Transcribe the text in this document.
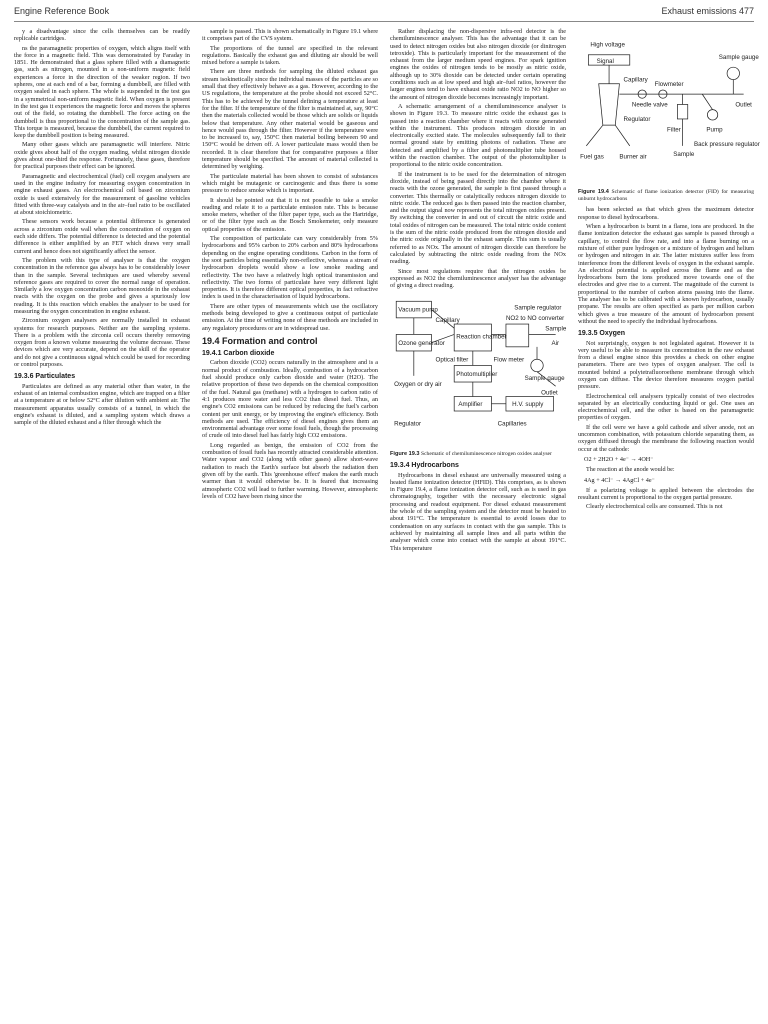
Engine Reference Book	Exhaust emissions 477

y a disadvantage since the cells themselves can be readily replicable cartridges.

ns the paramagnetic properties of oxygen, which aligns itself with the force in a magnetic field. This was demonstrated by Faraday in 1851. He demonstrated that a glass sphere filled with a diamagnetic gas, such as nitrogen, mounted in a non-uniform magnetic field experiences a force in the direction of the weaker region. If two spheres, one at each end of a bar, forming a dumbbell, are filled with oxygen sealed in each sphere. The whole is suspended in the test gas in a symmetrical non-uniform magnetic field. When oxygen is present in the test gas it experiences the magnetic force and moves the spheres out of the field, so rotating the dumbbell. The force acting on the dumbbell is thus proportional to the concentration of the sample gas. This torque is measured, because the dumbbell, the current required to keep the dumbbell position is being measured.

Many other gases which are paramagnetic will interfere. Nitric oxide gives about half of the oxygen reading, whilst nitrogen dioxide gives about one-third the response. Fortunately, these gases, therefore for practical purposes their effect can be ignored.

Paramagnetic and electrochemical (fuel) cell oxygen analysers are used in the engine industry for measuring oxygen concentration in engine exhaust gases. An electrochemical cell based on zirconium oxide is used extensively for the measurement of gasoline vehicles fitted with three-way catalysts and in the air–fuel ratio to be oscillated at about stoichiometric.

These sensors work because a potential difference is generated across a zirconium oxide wall when the concentration of oxygen on each side differs. The potential difference is detected and the potential difference is either amplified by an FET which draws very small current and hence does not significantly affect the sensor.

The problem with this type of analyser is that the oxygen concentration in the reference gas always has to be considerably lower than in the sample. Several techniques are used whereby several reference gases are required to cover the normal range of operation. Similarly a low oxygen concentration carbon monoxide in the exhaust reacts with the oxygen on the probe and gives a spuriously low reading. It is this reaction which enables the analyser to be used for measuring the oxygen concentration in engine exhaust.

Zirconium oxygen analysers are normally installed in exhaust systems for research purposes. Neither are the sampling systems. There is a problem with the zirconia cell occurs thereby removing oxygen from a known volume measuring the volume decrease. These devices which are very accurate, depend on the skill of the operator and do not give a continuous signal which could be used for recording or control purposes.

19.3.6 Particulates

Particulates are defined as any material other than water, in the exhaust of an internal combustion engine, which are trapped on a filter at a temperature at or below 52°C after dilution with ambient air. The measurement apparatus usually consists of a tunnel, in which the engine's exhaust is diluted, and a sampling system which draws a sample of the diluted exhaust and a filter through which the

sample is passed. This is shown schematically in Figure 19.1 where it comprises part of the CVS system.

The proportions of the tunnel are specified in the relevant regulations. Basically the exhaust gas and diluting air should be well mixed before a sample is taken.

There are three methods for sampling the diluted exhaust gas stream isokinetically since the individual masses of the particles are so small that they effectively behave as a gas. However, according to the US regulations, the temperature at the probe should not exceed 52°C. This has to be achieved by the tunnel defining a temperature at least for the filter. If the temperature of the filter is maintained at, say, 90°C then the materials collected would be those which are solids or liquids below that temperature. Any other material would be gaseous and hence would pass through the filter. However if the temperature were to be increased to, say, 150°C then material boiling between 90 and 150°C would be driven off. A lower particulate mass would then be recorded. It is clear therefore that for comparative purposes a filter temperature should be specified. The amount of material collected is determined by weighing.

The particulate material has been shown to consist of substances which might be mutagenic or carcinogenic and thus there is some pressure to reduce smoke which is important.

It should be pointed out that it is not possible to take a smoke reading and relate it to a particulate emission rate. This is because smoke meters, whether of the filter paper type, such as the Hartridge, or of the filter type such as the Bosch Smokemeter, only measure optical properties of the emission.

The composition of particulate can vary considerably from 5% hydrocarbons and 95% carbon to 20% carbon and 80% hydrocarbons depending on the engine operating conditions. Carbon in the form of the soot particles being essentially non-reflective, whereas a stream of hydrocarbon droplets would show a low smoke reading and reflectivity. The two have a relatively high optical transmission and reflectivity. The two forms of particulate have very different light properties. It is therefore different optical properties, in fact refractive index is used in the characterisation of liquid hydrocarbons.

There are other types of measurements which use the oscillatory methods being developed to give a continuous output of particulate emission. At the time of writing none of these methods are included in any regulatory procedures or are in widespread use.

19.4 Formation and control
19.4.1 Carbon dioxide

Carbon dioxide (CO2) occurs naturally in the atmosphere and is a normal product of combustion. Ideally, combustion of a hydrocarbon fuel should produce only carbon dioxide and water (H2O). The relative proportion of these two depends on the chemical composition of the fuel. Natural gas (methane) with a hydrogen to carbon ratio of 4:1 produces more water and less CO2 than diesel fuel. Thus, an engine's CO2 emissions can be reduced by reducing the fuel's carbon content per unit energy, or by improving the engine's efficiency. Both methods are used. The efficiency of diesel engines gives them an environmental advantage over some fossil fuels, though the processing of crude oil into diesel fuel has fairly high CO2 emissions.

Long regarded as benign, the emission of CO2 from the combustion of fossil fuels has recently attracted considerable attention. Water vapour and CO2 (along with other gases) allow short-wave radiation to reach the Earth's surface but absorb the radiation then given off by the earth. This 'greenhouse effect' makes the earth much warmer than it would otherwise be. It is feared that increasing atmospheric CO2 will lead to further warming. However, atmospheric levels of CO2 have been rising since the

Rather displacing the non-dispersive infra-red detector is the chemiluminescence analyser. This has the advantage that it can be used to detect nitrogen oxides but also nitrogen dioxide (or dinitrogen tetroxide). This is particularly important for the measurement of the exhaust from the larger medium speed engines. For spark ignition engines the oxides of nitrogen tends to be mostly as nitric oxide, although up to 30% dioxide can be detected under certain operating conditions such as at low speed and high air–fuel ratios, however the larger engines tend to have exhaust oxide ratio NO2 to NO higher so the amount of nitrogen dioxide becomes increasingly important.

A schematic arrangement of a chemiluminescence analyser is shown in Figure 19.3. To measure nitric oxide the exhaust gas is passed into a reaction chamber where it reacts with ozone generated within the instrument. This produces nitrogen dioxide in an electronically excited state. The molecules subsequently fall to their normal ground state by emitting photons of radiation. These are detected and amplified by a filter and photomultiplier tube housed within the reaction chamber. The output of the photomultiplier is proportional to the nitric oxide concentration.

If the instrument is to be used for the determination of nitrogen dioxide, instead of being passed directly into the chamber where it reacts with the ozone generated, the sample is first passed through a converter. This thermally or catalytically reduces nitrogen dioxide to nitric oxide. The reduced gas is then passed into the reaction chamber, and the output signal now represents the total nitrogen oxides present. By switching the converter in and out of circuit the nitric oxide and total oxides of nitrogen can be measured. The total nitric oxide content is the sum of the nitric oxide produced from the nitrogen dioxide and the nitric oxide originally in the exhaust sample. This sum is usually referred to as NOx. The amount of nitrogen dioxide can therefore be calculated by subtracting the nitric oxide reading from the NOx reading.

Since most regulations require that the nitrogen oxides be expressed as NO2 the chemiluminescence analyser has the advantage of giving a direct reading.

Vacuum pump
Ozone generator
Oxygen or dry air
Regulator
Optical filter
Capillary
Photomultiplier
Amplifier
Reaction chamber
Flow meter
NO2 to NO converter
Sample regulator
Sample gauge
Sample
Outlet
Air
Capillaries
H.V. supply
Figure 19.3 Schematic of chemiluminescence nitrogen oxides analyser
19.3.4 Hydrocarbons

Hydrocarbons in diesel exhaust are universally measured using a heated flame ionization detector (HFID). This comprises, as is shown in Figure 19.4, a flame ionization detector cell, such as is used in gas chromatography, together with the necessary electronic signal processing and readout equipment. For diesel exhaust measurement the whole of the sampling system and the detector must be heated to about 191°C. The temperature is essential to avoid losses due to condensation on any surfaces in contact with the gas sample. This is achieved by maintaining all sample lines and all parts within the analyser which come into contact with the sample at about 191°C. This temperature

High voltage
Signal
Capillary
Flowmeter
Needle valve
Regulator
Filter
Sample
Pump
Back pressure regulator
Sample gauge
Outlet
Fuel gas	Burner air
Figure 19.4 Schematic of flame ionization detector (FID) for measuring unburnt hydrocarbons

has been selected as that which gives the maximum detector response to diesel hydrocarbons.

When a hydrocarbon is burnt in a flame, ions are produced. In the flame ionization detector the exhaust gas sample is passed through a capillary, to control the flow rate, and into a flame burning on a mixture of either pure hydrogen or a mixture of hydrogen and helium or hydrogen and nitrogen in air. The latter mixtures suffer less from interference from the different levels of oxygen in the exhaust sample. An electrical potential is applied across the flame and as the hydrocarbons burn the ions produced move towards one of the electrodes and give rise to a current. The magnitude of the current is proportional to the number of carbon atoms passing into the flame. The analyser has to be calibrated with a known hydrocarbon, usually propane. The results are often specified as parts per million carbon which gives a true measure of the amount of hydrocarbon present without the need to specify the individual hydrocarbons.

19.3.5 Oxygen

Not surprisingly, oxygen is not legislated against. However it is very useful to be able to measure its concentration in the raw exhaust from a diesel engine since this provides a check on other engine parameters. There are two types of oxygen analyser. The cell is mounted behind a polytetrafluoroethene membrane through which oxygen can diffuse. The device therefore measures oxygen partial pressure.

Electrochemical cell analysers typically consist of two electrodes separated by an electrically conducting liquid or gel. One uses an electrochemical cell, and the other is based on the paramagnetic properties of oxygen.

If the cell were we have a gold cathode and silver anode, not an uncommon combination, with potassium chloride separating them, as oxygen diffused through the membrane the following reaction would occur at the cathode:

O2 + 2H2O + 4e⁻ → 4OH⁻

The reaction at the anode would be:

4Ag + 4Cl⁻ → 4AgCl + 4e⁻

If a polarizing voltage is applied between the electrodes the resultant current is proportional to the oxygen partial pressure.

Clearly electrochemical cells are consumed. This is not
